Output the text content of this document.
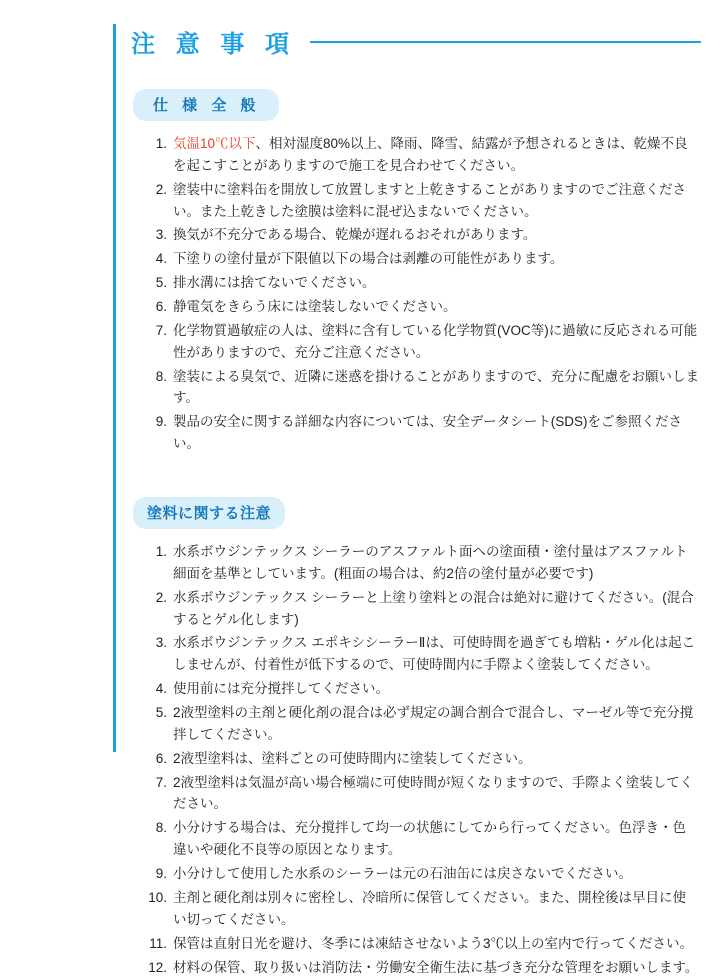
注 意 事 項
仕 様 全 般
1. 気温10℃以下、相対湿度80%以上、降雨、降雪、結露が予想されるときは、乾燥不良を起こすことがありますので施工を見合わせてください。
2. 塗装中に塗料缶を開放して放置しますと上乾きすることがありますのでご注意ください。また上乾きした塗膜は塗料に混ぜ込まないでください。
3. 換気が不充分である場合、乾燥が遅れるおそれがあります。
4. 下塗りの塗付量が下限値以下の場合は剥離の可能性があります。
5. 排水溝には捨てないでください。
6. 静電気をきらう床には塗装しないでください。
7. 化学物質過敏症の人は、塗料に含有している化学物質(VOC等)に過敏に反応される可能性がありますので、充分ご注意ください。
8. 塗装による臭気で、近隣に迷惑を掛けることがありますので、充分に配慮をお願いします。
9. 製品の安全に関する詳細な内容については、安全データシート(SDS)をご参照ください。
塗料に関する注意
1. 水系ボウジンテックス シーラーのアスファルト面への塗面積・塗付量はアスファルト細面を基準としています。(粗面の場合は、約2倍の塗付量が必要です)
2. 水系ボウジンテックス シーラーと上塗り塗料との混合は絶対に避けてください。(混合するとゲル化します)
3. 水系ボウジンテックス エポキシシーラーⅡは、可使時間を過ぎても増粘・ゲル化は起こしませんが、付着性が低下するので、可使時間内に手際よく塗装してください。
4. 使用前には充分撹拌してください。
5. 2液型塗料の主剤と硬化剤の混合は必ず規定の調合割合で混合し、マーゼル等で充分撹拌してください。
6. 2液型塗料は、塗料ごとの可使時間内に塗装してください。
7. 2液型塗料は気温が高い場合極端に可使時間が短くなりますので、手際よく塗装してください。
8. 小分けする場合は、充分撹拌して均一の状態にしてから行ってください。色浮き・色違いや硬化不良等の原因となります。
9. 小分けして使用した水系のシーラーは元の石油缶には戻さないでください。
10. 主剤と硬化剤は別々に密栓し、冷暗所に保管してください。また、開栓後は早目に使い切ってください。
11. 保管は直射日光を避け、冬季には凍結させないよう3℃以上の室内で行ってください。
12. 材料の保管、取り扱いは消防法・労働安全衛生法に基づき充分な管理をお願いします。
